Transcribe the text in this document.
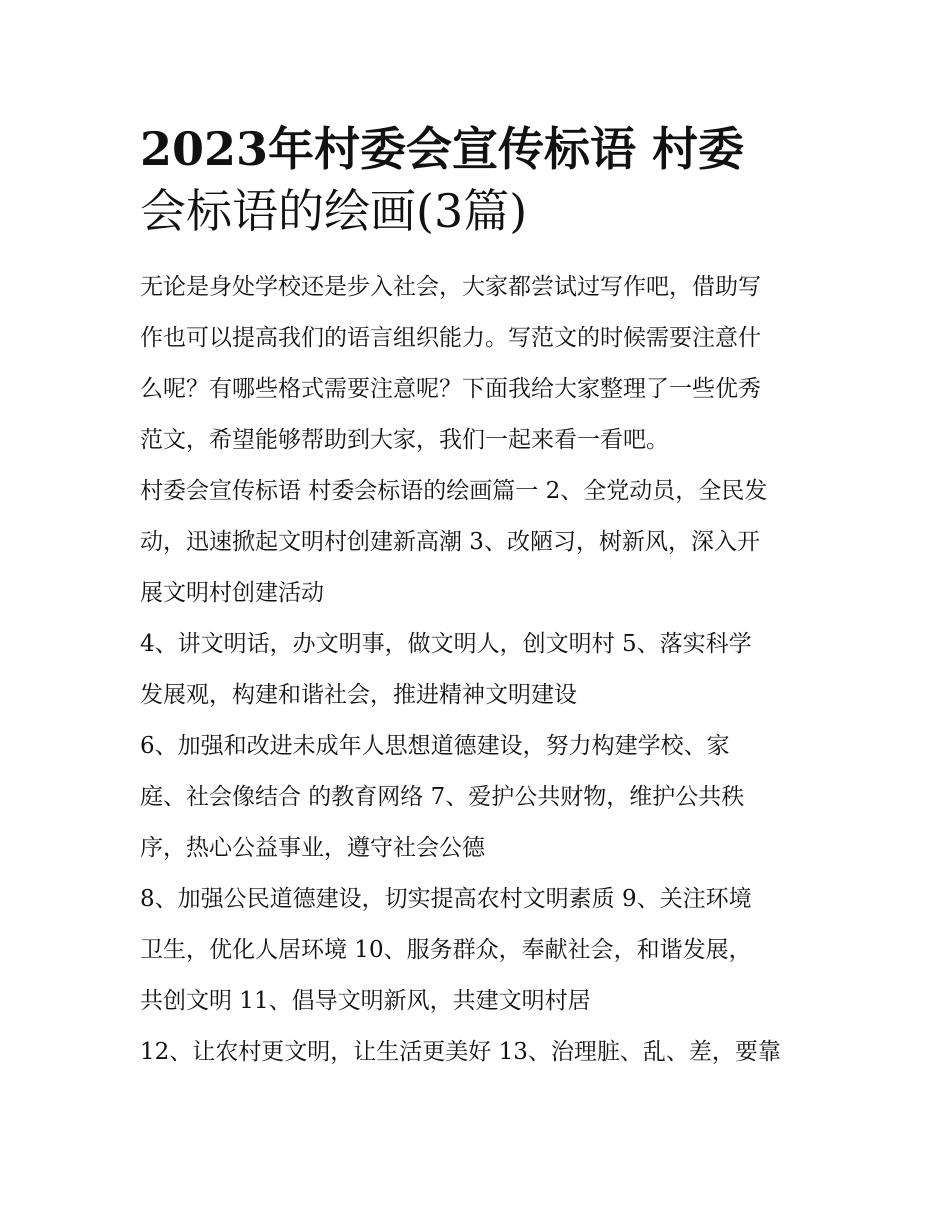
2023年村委会宣传标语 村委
会标语的绘画(3篇)

无论是身处学校还是步入社会，大家都尝试过写作吧，借助写
作也可以提高我们的语言组织能力。写范文的时候需要注意什
么呢？有哪些格式需要注意呢？下面我给大家整理了一些优秀
范文，希望能够帮助到大家，我们一起来看一看吧。

村委会宣传标语 村委会标语的绘画篇一 2、全党动员，全民发
动，迅速掀起文明村创建新高潮 3、改陋习，树新风，深入开
展文明村创建活动

4、讲文明话，办文明事，做文明人，创文明村 5、落实科学
发展观，构建和谐社会，推进精神文明建设

6、加强和改进未成年人思想道德建设，努力构建学校、家
庭、社会像结合 的教育网络 7、爱护公共财物，维护公共秩
序，热心公益事业，遵守社会公德

8、加强公民道德建设，切实提高农村文明素质 9、关注环境
卫生，优化人居环境 10、服务群众，奉献社会，和谐发展，
共创文明 11、倡导文明新风，共建文明村居

12、让农村更文明，让生活更美好 13、治理脏、乱、差，要靠
